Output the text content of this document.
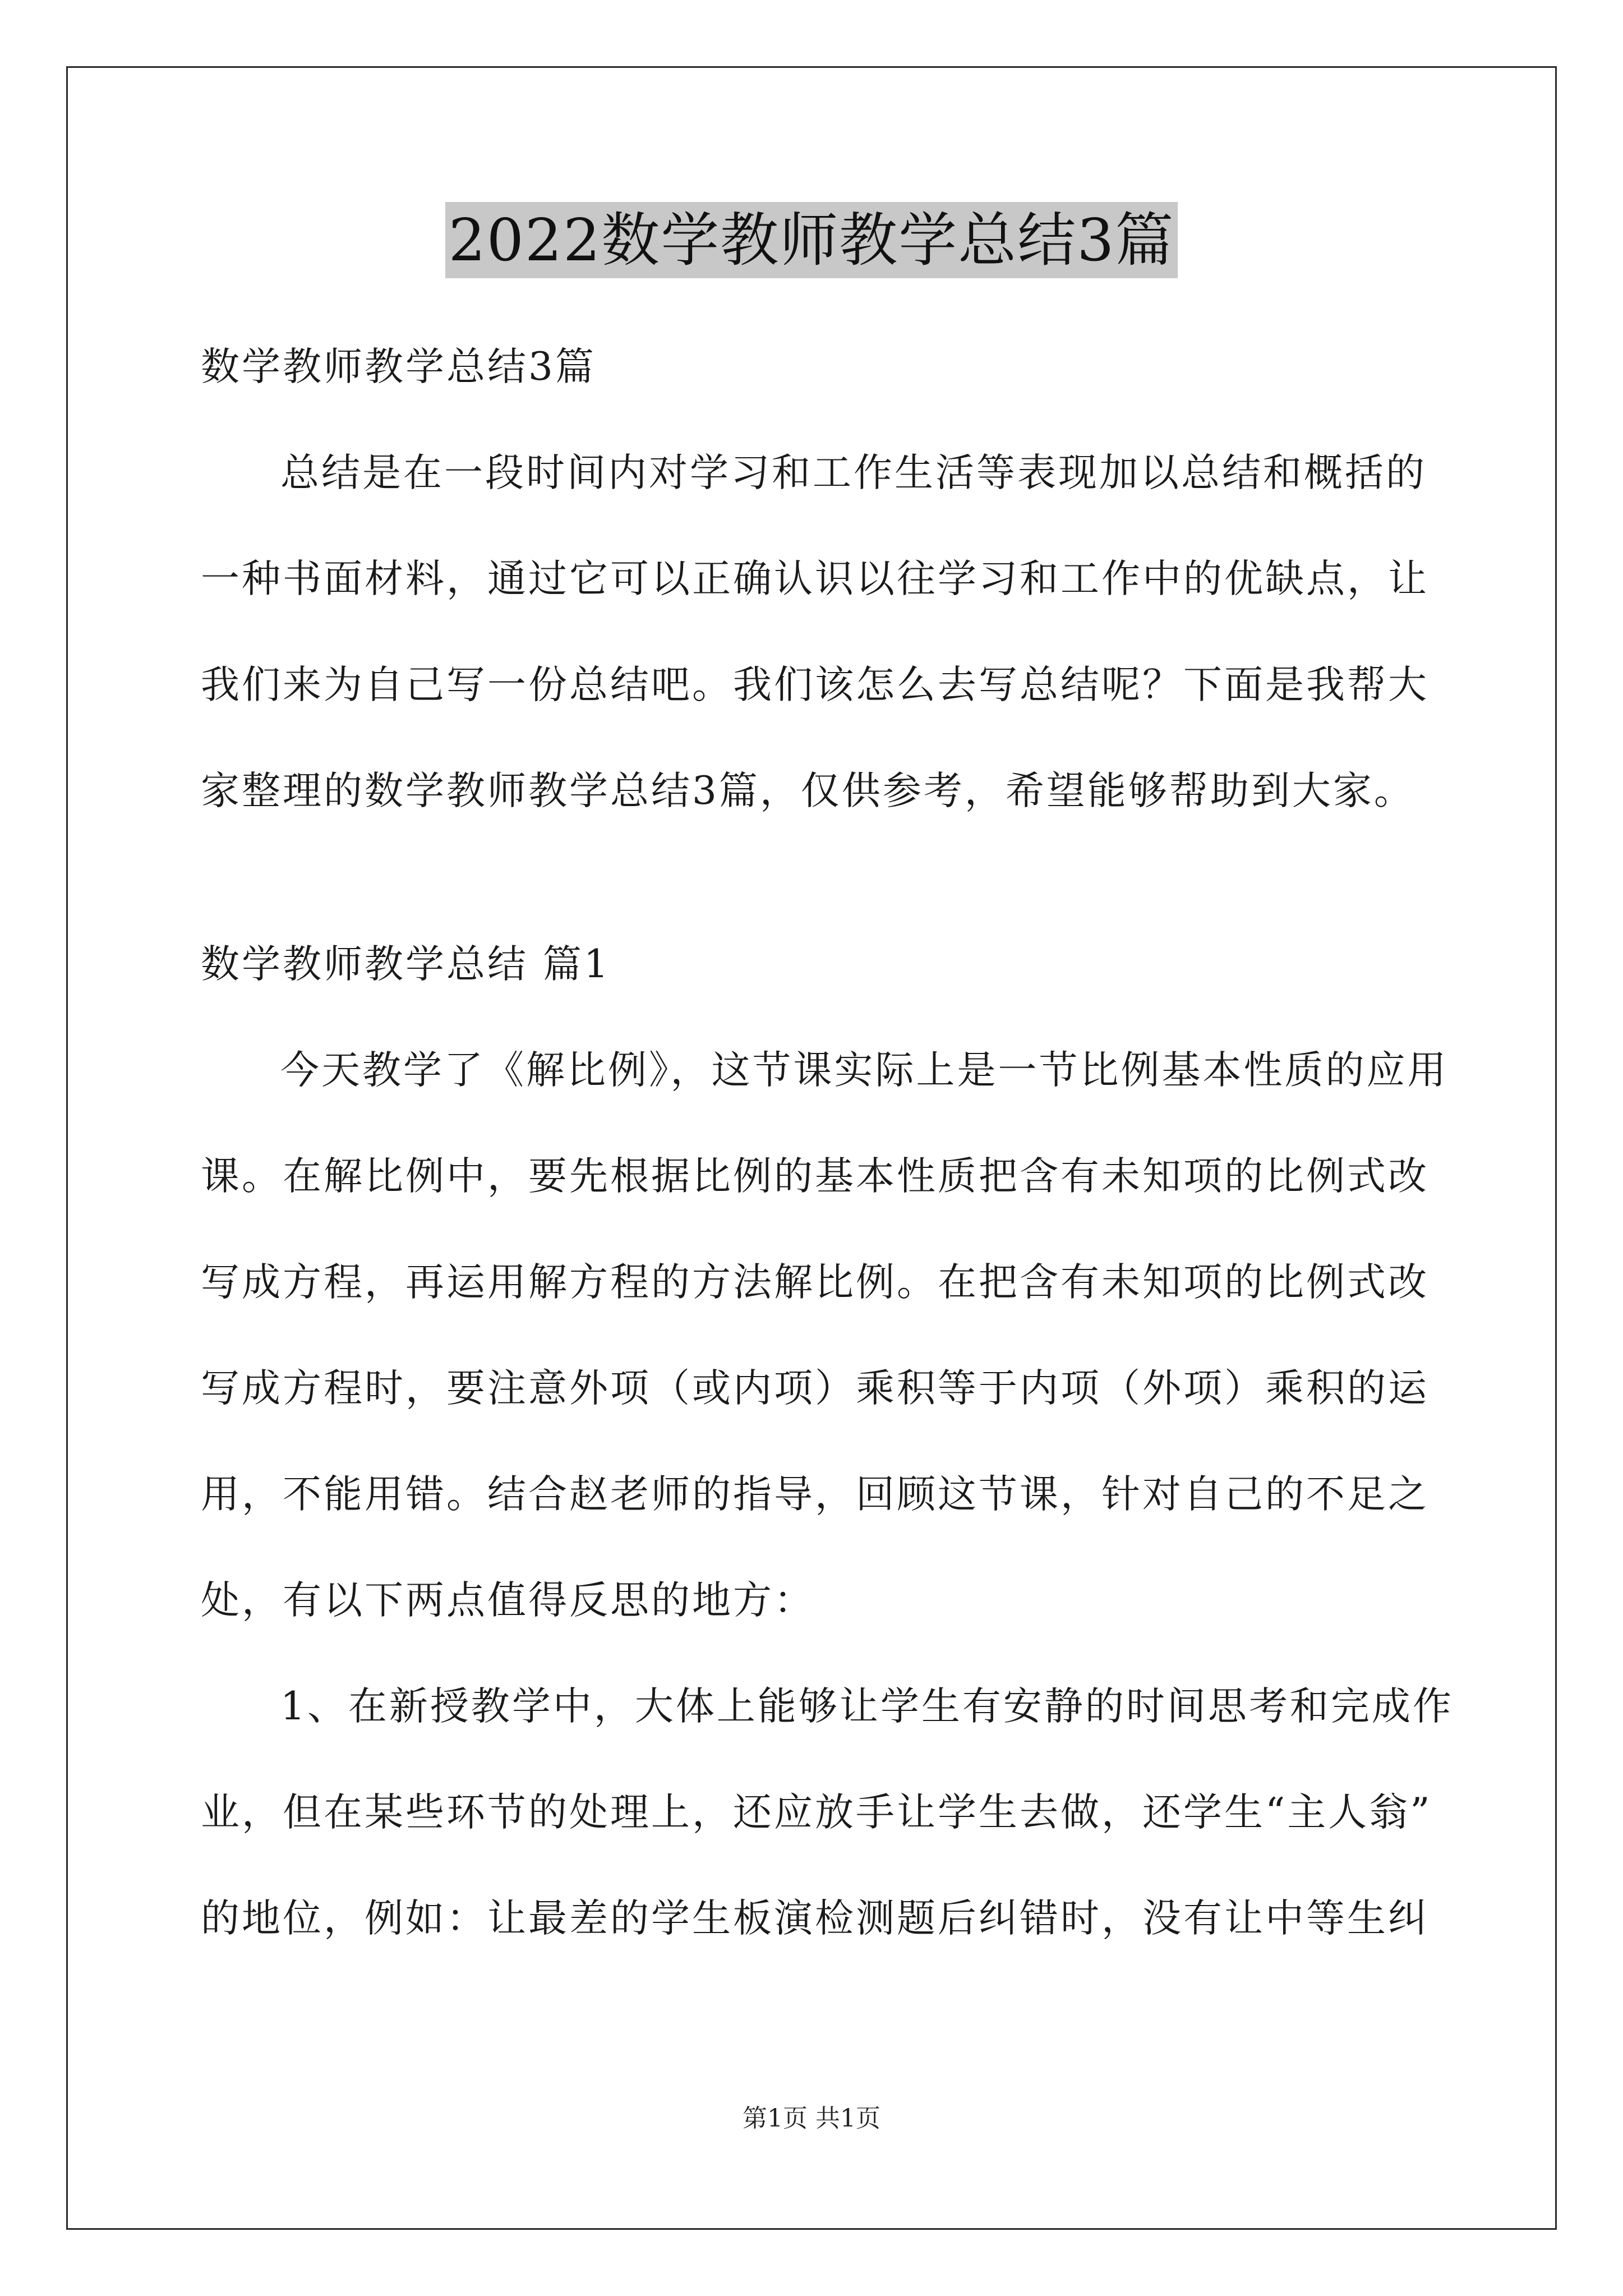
2022数学教师教学总结3篇

数学教师教学总结3篇

总结是在一段时间内对学习和工作生活等表现加以总结和概括的

一种书面材料，通过它可以正确认识以往学习和工作中的优缺点，让

我们来为自己写一份总结吧。我们该怎么去写总结呢？下面是我帮大

家整理的数学教师教学总结3篇，仅供参考，希望能够帮助到大家。

数学教师教学总结 篇1

今天教学了《解比例》，这节课实际上是一节比例基本性质的应用

课。在解比例中，要先根据比例的基本性质把含有未知项的比例式改

写成方程，再运用解方程的方法解比例。在把含有未知项的比例式改

写成方程时，要注意外项（或内项）乘积等于内项（外项）乘积的运

用，不能用错。结合赵老师的指导，回顾这节课，针对自己的不足之

处，有以下两点值得反思的地方：

1、在新授教学中，大体上能够让学生有安静的时间思考和完成作

业，但在某些环节的处理上，还应放手让学生去做，还学生“主人翁”

的地位，例如：让最差的学生板演检测题后纠错时，没有让中等生纠

第1页 共1页
